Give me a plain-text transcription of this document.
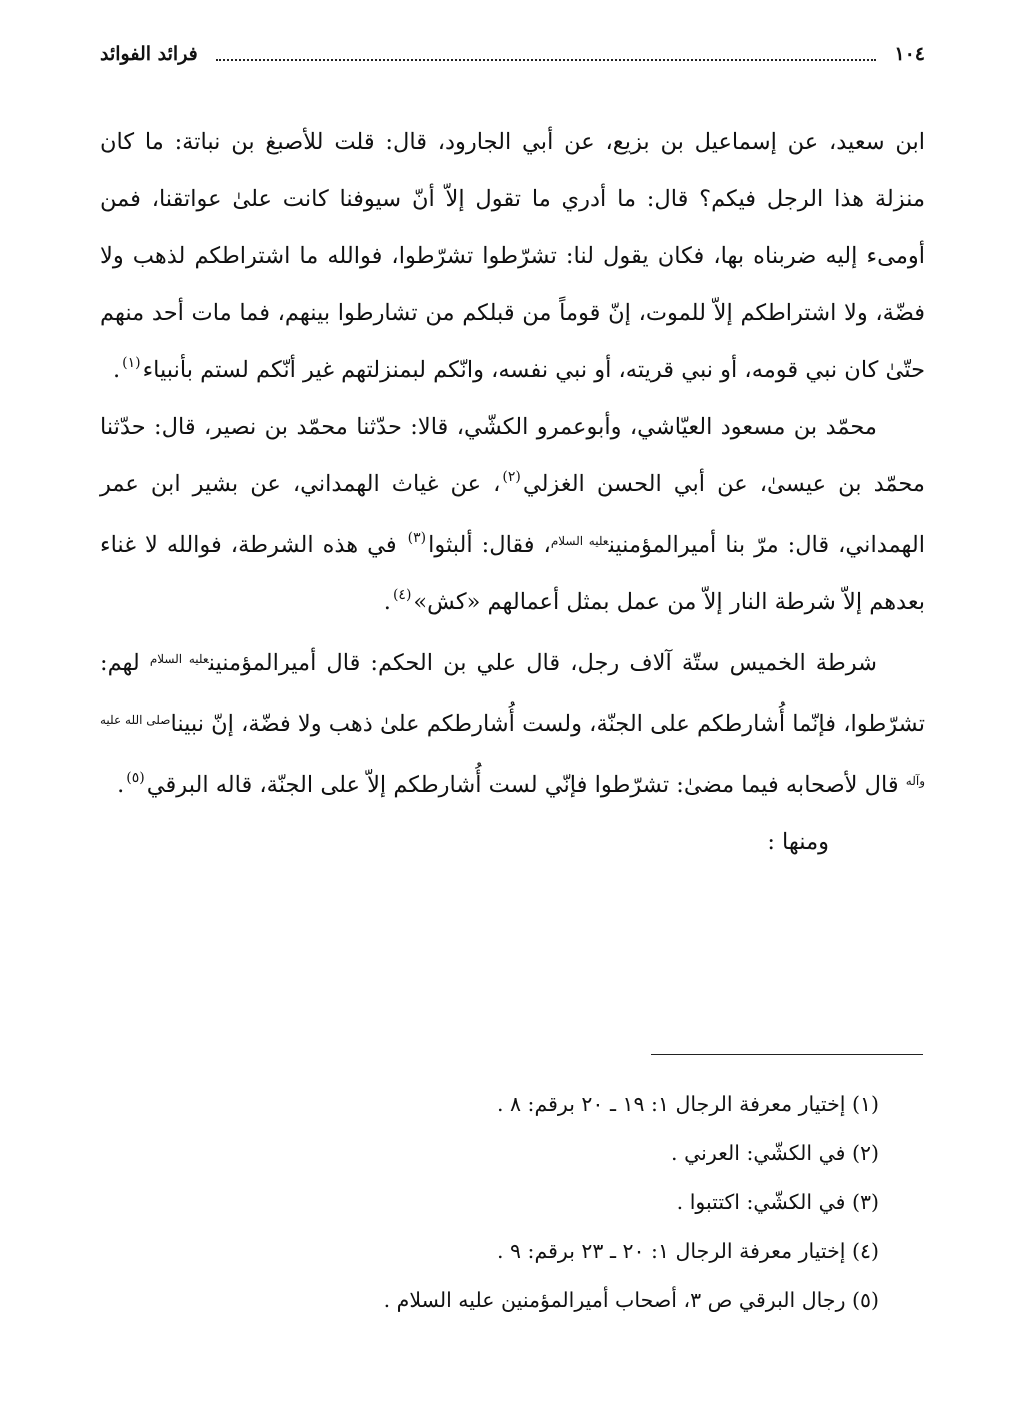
١٠٤
فرائد الفوائد

ابن سعيد، عن إسماعيل بن بزيع، عن أبي الجارود، قال: قلت للأصبغ بن نباتة: ما كان منزلة هذا الرجل فيكم؟ قال: ما أدري ما تقول إلاّ أنّ سيوفنا كانت علىٰ عواتقنا، فمن أومىء إليه ضربناه بها، فكان يقول لنا: تشرّطوا تشرّطوا، فوالله ما اشتراطكم لذهب ولا فضّة، ولا اشتراطكم إلاّ للموت، إنّ قوماً من قبلكم من تشارطوا بينهم، فما مات أحد منهم حتّىٰ كان نبي قومه، أو نبي قريته، أو نبي نفسه، وانّكم لبمنزلتهم غير أنّكم لستم بأنبياء$^{(١)}$.

محمّد بن مسعود العيّاشي، وأبوعمرو الكشّي، قالا: حدّثنا محمّد بن نصير، قال: حدّثنا محمّد بن عيسىٰ، عن أبي الحسن الغزلي$^{(٢)}$، عن غياث الهمداني، عن بشير ابن عمر الهمداني، قال: مرّ بنا أميرالمؤمنين$^{عليه السلام}$، فقال: ألبثوا$^{(٣)}$ في هذه الشرطة، فوالله لا غناء بعدهم إلاّ شرطة النار إلاّ من عمل بمثل أعمالهم «كش»$^{(٤)}$.

شرطة الخميس ستّة آلاف رجل، قال علي بن الحكم: قال أميرالمؤمنين$^{عليه السلام}$ لهم: تشرّطوا، فإنّما أُشارطكم على الجنّة، ولست أُشارطكم علىٰ ذهب ولا فضّة، إنّ نبينا$^{صلى الله عليه وآله}$ قال لأصحابه فيما مضىٰ: تشرّطوا فإنّي لست أُشارطكم إلاّ على الجنّة، قاله البرقي$^{(٥)}$.

ومنها :

(١) إختيار معرفة الرجال ١: ١٩ ـ ٢٠ برقم: ٨ .

(٢) في الكشّي: العرني .

(٣) في الكشّي: اكتتبوا .

(٤) إختيار معرفة الرجال ١: ٢٠ ـ ٢٣ برقم: ٩ .

(٥) رجال البرقي ص ٣، أصحاب أميرالمؤمنين عليه السلام .
